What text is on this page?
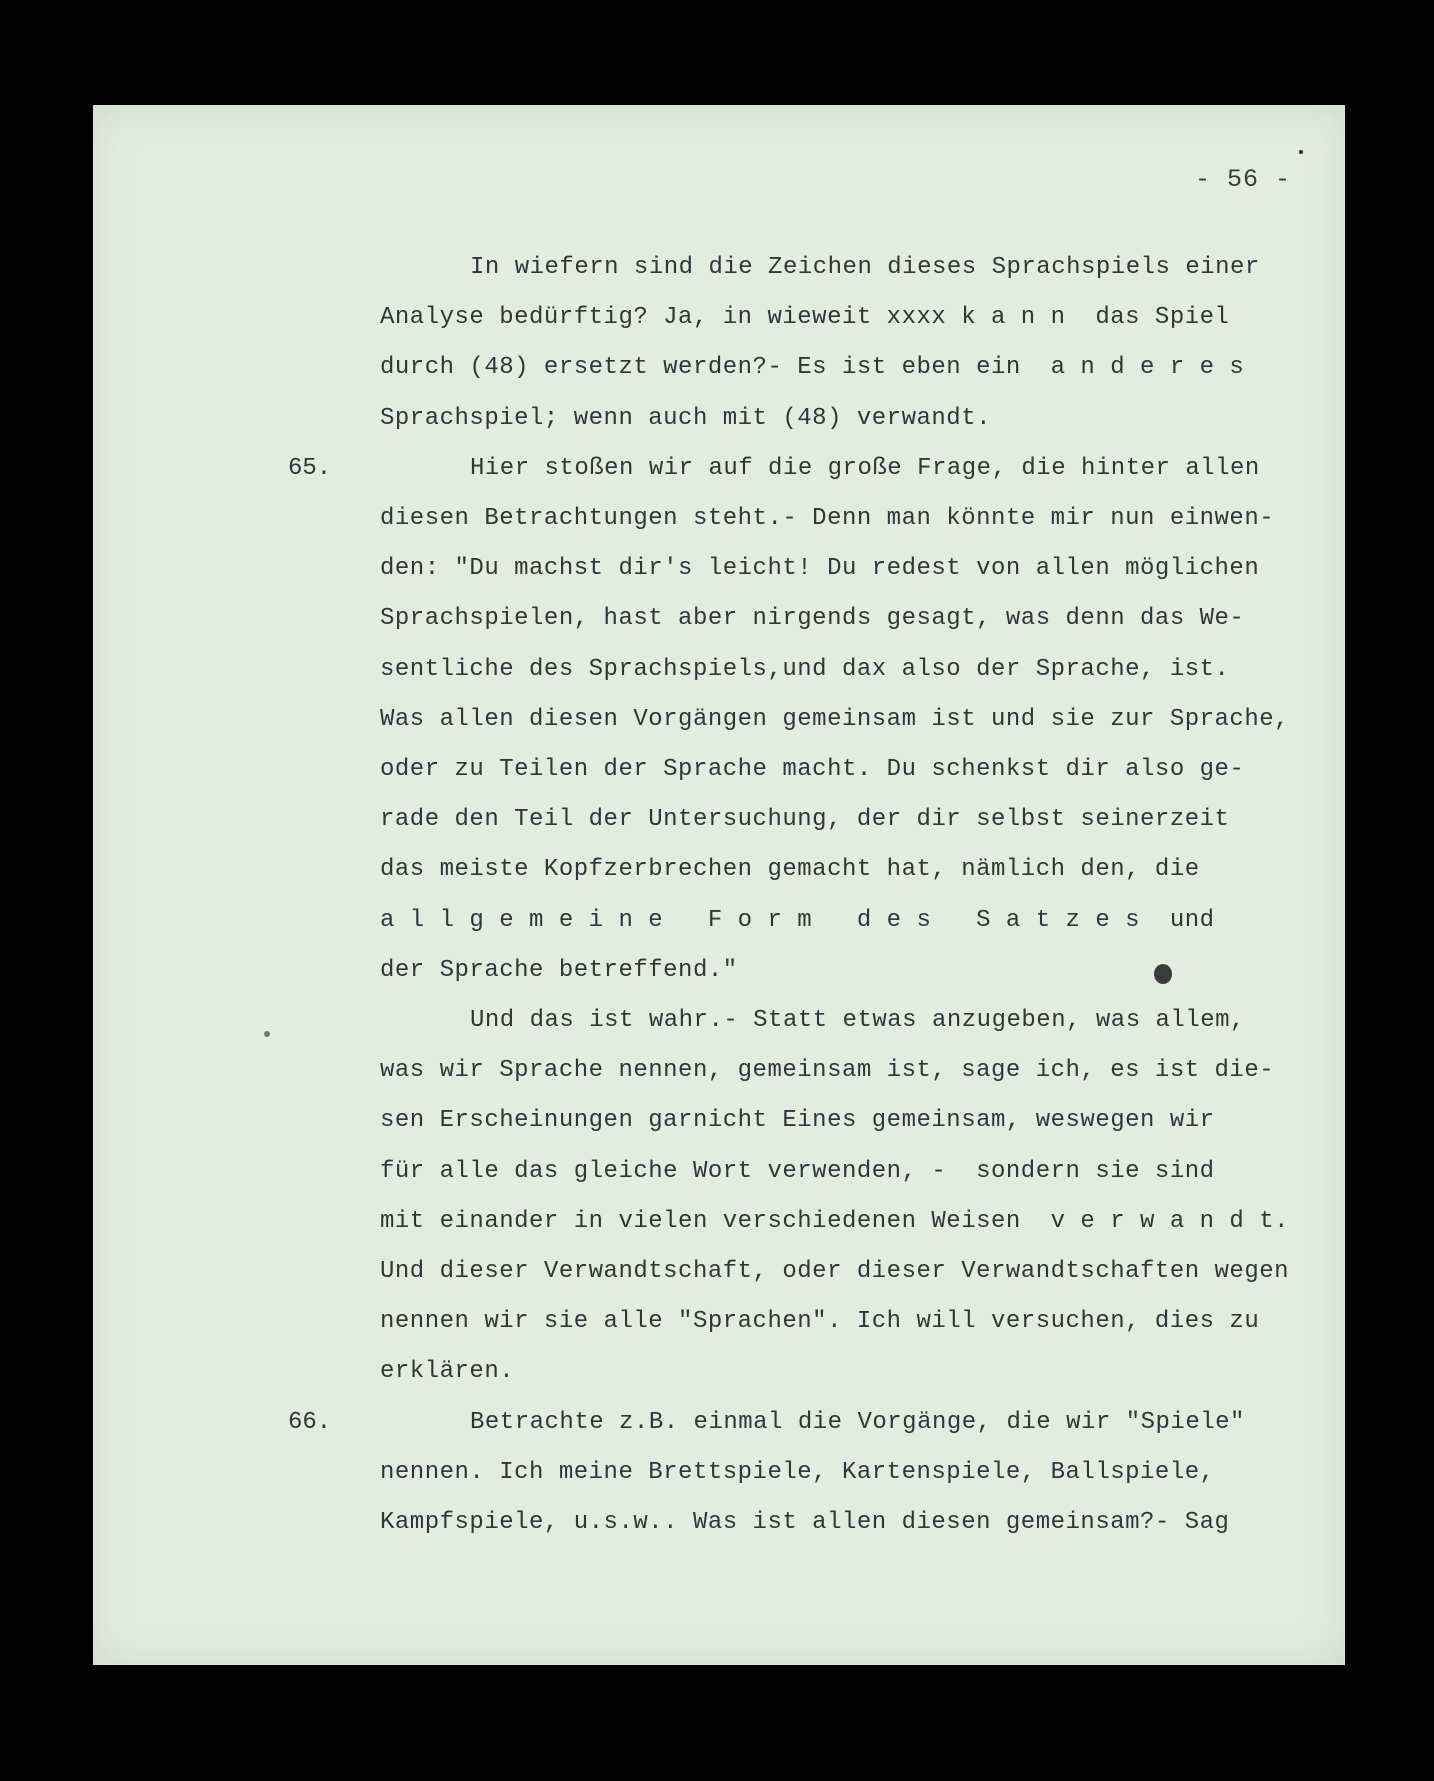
- 56 -
In wiefern sind die Zeichen dieses Sprachspiels einer
Analyse bedürftig? Ja, in wieweit xxxx k a n n  das Spiel
durch (48) ersetzt werden?- Es ist eben ein  a n d e r e s
Sprachspiel; wenn auch mit (48) verwandt.
65.	Hier stoßen wir auf die große Frage, die hinter allen
diesen Betrachtungen steht.- Denn man könnte mir nun einwen-
den: "Du machst dir's leicht! Du redest von allen möglichen
Sprachspielen, hast aber nirgends gesagt, was denn das We-
sentliche des Sprachspiels,und dax also der Sprache, ist.
Was allen diesen Vorgängen gemeinsam ist und sie zur Sprache,
oder zu Teilen der Sprache macht. Du schenkst dir also ge-
rade den Teil der Untersuchung, der dir selbst seinerzeit
das meiste Kopfzerbrechen gemacht hat, nämlich den, die
a l l g e m e i n e   F o r m   d e s   S a t z e s  und
der Sprache betreffend."
Und das ist wahr.- Statt etwas anzugeben, was allem,
was wir Sprache nennen, gemeinsam ist, sage ich, es ist die-
sen Erscheinungen garnicht Eines gemeinsam, weswegen wir
für alle das gleiche Wort verwenden, -  sondern sie sind
mit einander in vielen verschiedenen Weisen  v e r w a n d t.
Und dieser Verwandtschaft, oder dieser Verwandtschaften wegen
nennen wir sie alle "Sprachen". Ich will versuchen, dies zu
erklären.
66.	Betrachte z.B. einmal die Vorgänge, die wir "Spiele"
nennen. Ich meine Brettspiele, Kartenspiele, Ballspiele,
Kampfspiele, u.s.w.. Was ist allen diesen gemeinsam?- Sag
